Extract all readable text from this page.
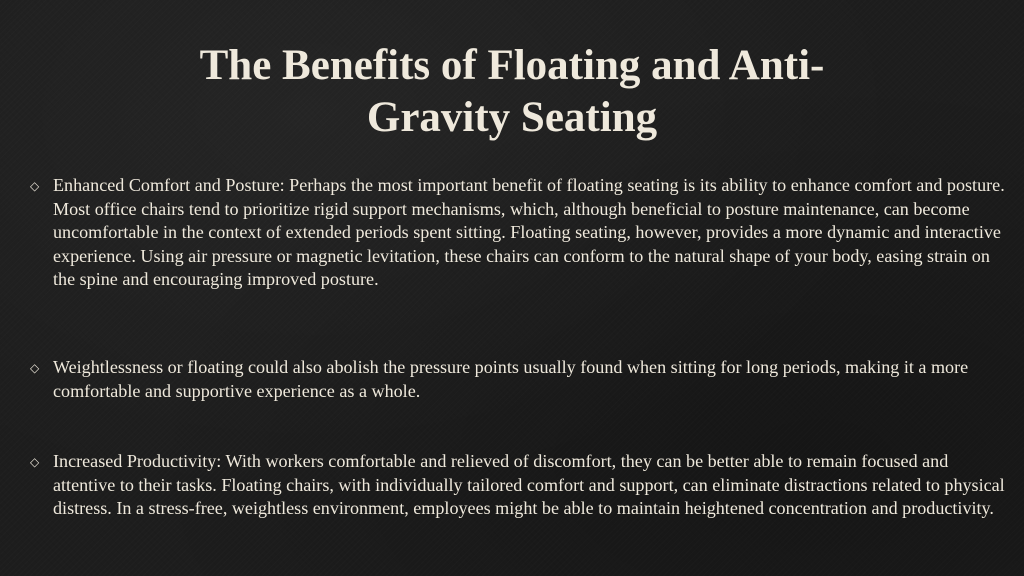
The Benefits of Floating and Anti-
Gravity Seating
◇ Enhanced Comfort and Posture: Perhaps the most important benefit of floating seating is its ability to enhance comfort and posture. Most office chairs tend to prioritize rigid support mechanisms, which, although beneficial to posture maintenance, can become uncomfortable in the context of extended periods spent sitting. Floating seating, however, provides a more dynamic and interactive experience. Using air pressure or magnetic levitation, these chairs can conform to the natural shape of your body, easing strain on the spine and encouraging improved posture.
◇ Weightlessness or floating could also abolish the pressure points usually found when sitting for long periods, making it a more comfortable and supportive experience as a whole.
◇ Increased Productivity: With workers comfortable and relieved of discomfort, they can be better able to remain focused and attentive to their tasks. Floating chairs, with individually tailored comfort and support, can eliminate distractions related to physical distress. In a stress-free, weightless environment, employees might be able to maintain heightened concentration and productivity.
